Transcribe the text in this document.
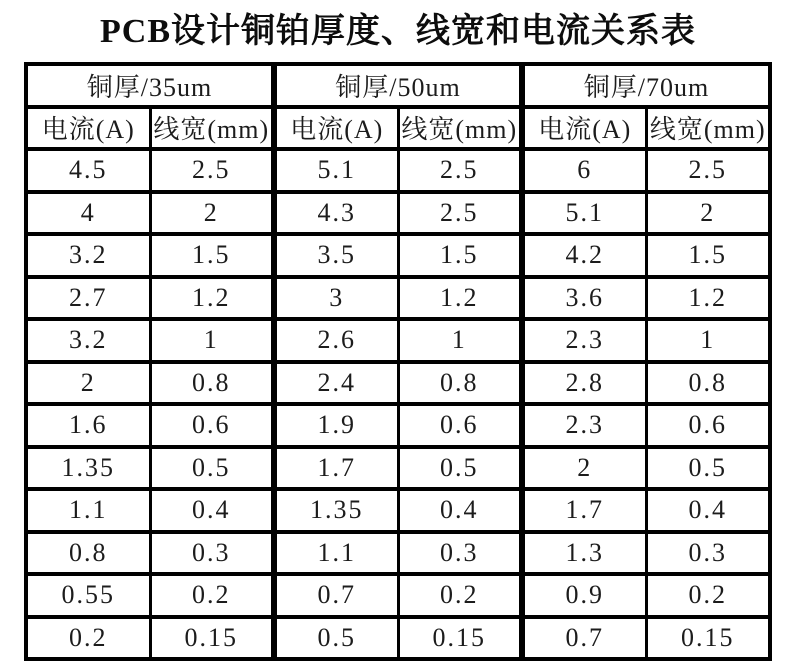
PCB设计铜铂厚度、线宽和电流关系表
铜厚/35um		铜厚/50um		铜厚/70um	
电流(A)	线宽(mm)	电流(A)	线宽(mm)	电流(A)	线宽(mm)
4.5	2.5	5.1	2.5	6	2.5
4	2	4.3	2.5	5.1	2
3.2	1.5	3.5	1.5	4.2	1.5
2.7	1.2	3	1.2	3.6	1.2
3.2	1	2.6	1	2.3	1
2	0.8	2.4	0.8	2.8	0.8
1.6	0.6	1.9	0.6	2.3	0.6
1.35	0.5	1.7	0.5	2	0.5
1.1	0.4	1.35	0.4	1.7	0.4
0.8	0.3	1.1	0.3	1.3	0.3
0.55	0.2	0.7	0.2	0.9	0.2
0.2	0.15	0.5	0.15	0.7	0.15
